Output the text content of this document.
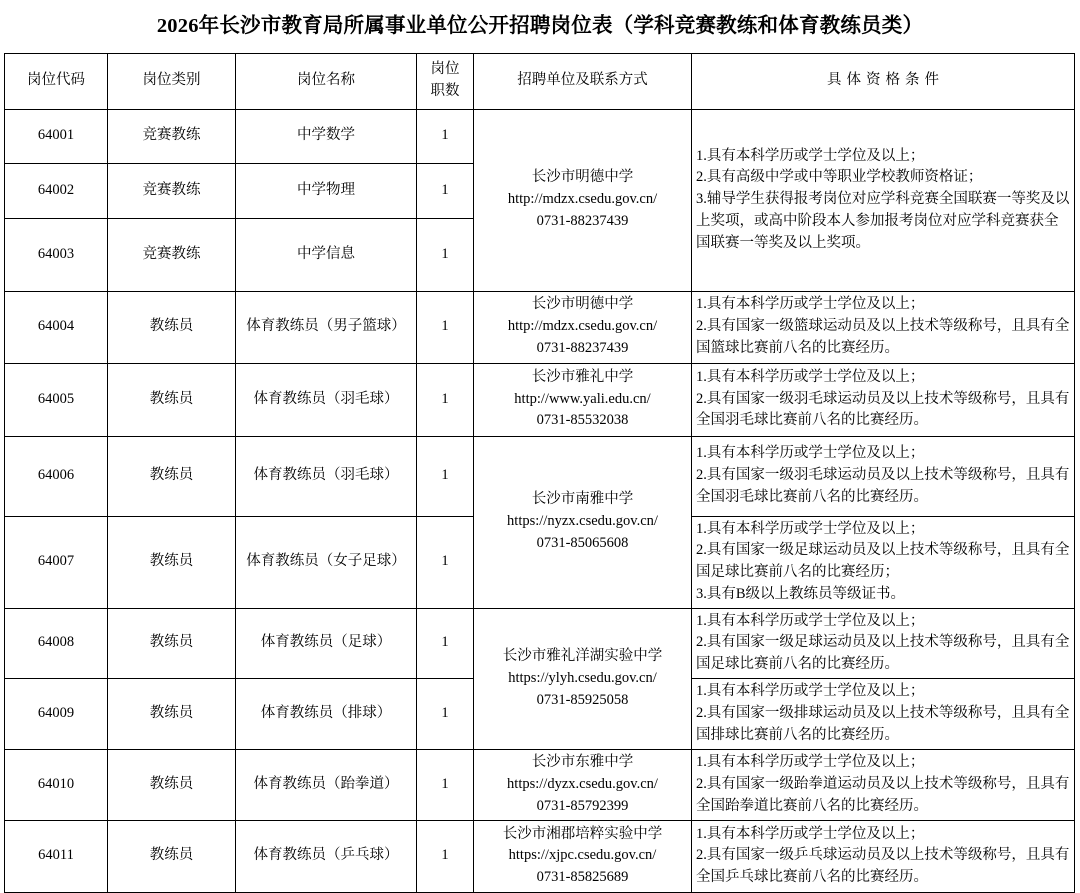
2026年长沙市教育局所属事业单位公开招聘岗位表（学科竞赛教练和体育教练员类）
岗位代码	岗位类别	岗位名称	岗位
职数	招聘单位及联系方式	具体资格条件
64001	竞赛教练	中学数学	1	长沙市明德中学
http://mdzx.csedu.gov.cn/
0731-88237439	1.具有本科学历或学士学位及以上；
2.具有高级中学或中等职业学校教师资格证；
3.辅导学生获得报考岗位对应学科竞赛全国联赛一等奖及以上奖项，或高中阶段本人参加报考岗位对应学科竞赛获全国联赛一等奖及以上奖项。

64002	竞赛教练	中学物理	1		
64003	竞赛教练	中学信息	1		
64004	教练员	体育教练员（男子篮球）	1	长沙市明德中学
http://mdzx.csedu.gov.cn/
0731-88237439	1.具有本科学历或学士学位及以上；
2.具有国家一级篮球运动员及以上技术等级称号，且具有全国篮球比赛前八名的比赛经历。

64005	教练员	体育教练员（羽毛球）	1	长沙市雅礼中学
http://www.yali.edu.cn/
0731-85532038	1.具有本科学历或学士学位及以上；
2.具有国家一级羽毛球运动员及以上技术等级称号，且具有全国羽毛球比赛前八名的比赛经历。

64006	教练员	体育教练员（羽毛球）	1	长沙市南雅中学
https://nyzx.csedu.gov.cn/
0731-85065608	1.具有本科学历或学士学位及以上；
2.具有国家一级羽毛球运动员及以上技术等级称号，且具有全国羽毛球比赛前八名的比赛经历。

64007	教练员	体育教练员（女子足球）	1		1.具有本科学历或学士学位及以上；
2.具有国家一级足球运动员及以上技术等级称号，且具有全国足球比赛前八名的比赛经历；
3.具有B级以上教练员等级证书。

64008	教练员	体育教练员（足球）	1	长沙市雅礼洋湖实验中学
https://ylyh.csedu.gov.cn/
0731-85925058	1.具有本科学历或学士学位及以上；
2.具有国家一级足球运动员及以上技术等级称号，且具有全国足球比赛前八名的比赛经历。

64009	教练员	体育教练员（排球）	1		1.具有本科学历或学士学位及以上；
2.具有国家一级排球运动员及以上技术等级称号，且具有全国排球比赛前八名的比赛经历。

64010	教练员	体育教练员（跆拳道）	1	长沙市东雅中学
https://dyzx.csedu.gov.cn/
0731-85792399	1.具有本科学历或学士学位及以上；
2.具有国家一级跆拳道运动员及以上技术等级称号，且具有全国跆拳道比赛前八名的比赛经历。

64011	教练员	体育教练员（乒乓球）	1	长沙市湘郡培粹实验中学
https://xjpc.csedu.gov.cn/
0731-85825689	1.具有本科学历或学士学位及以上；
2.具有国家一级乒乓球运动员及以上技术等级称号，且具有全国乒乓球比赛前八名的比赛经历。
